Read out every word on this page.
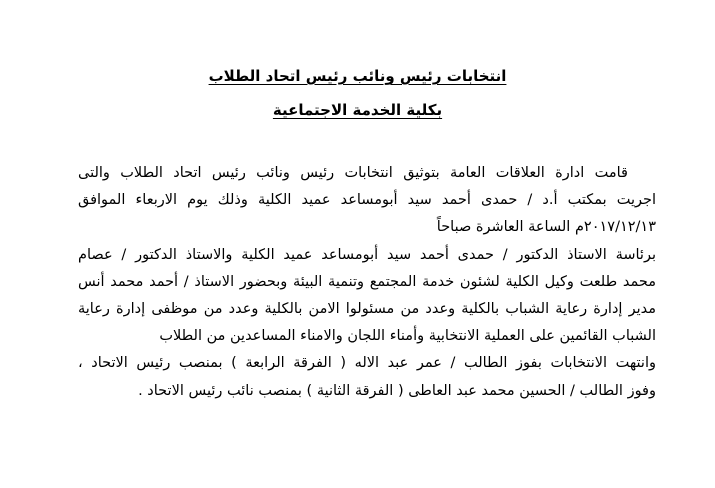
انتخابات رئيس ونائب رئيس اتحاد الطلاب
بكلية الخدمة الاجتماعية
قامت ادارة العلاقات العامة بتوثيق انتخابات رئيس ونائب رئيس اتحاد الطلاب والتى
اجريت بمكتب أ.د / حمدى أحمد سيد أبومساعد عميد الكلية وذلك يوم الاربعاء الموافق
٢٠١٧/١٢/١٣م الساعة العاشرة صباحاً
برئاسة الاستاذ الدكتور / حمدى أحمد سيد أبومساعد عميد الكلية والاستاذ الدكتور / عصام
محمد طلعت وكيل الكلية لشئون خدمة المجتمع وتنمية البيئة وبحضور الاستاذ / أحمد محمد أنس
مدير إدارة رعاية الشباب بالكلية وعدد من مسئولوا الامن بالكلية وعدد من موظفى إدارة رعاية
الشباب القائمين على العملية الانتخابية وأمناء اللجان والامناء المساعدين من الطلاب
وانتهت الانتخابات بفوز الطالب / عمر عبد الاله ( الفرقة الرابعة ) بمنصب رئيس الاتحاد ،
وفوز الطالب / الحسين محمد عبد العاطى ( الفرقة الثانية ) بمنصب نائب رئيس الاتحاد .
